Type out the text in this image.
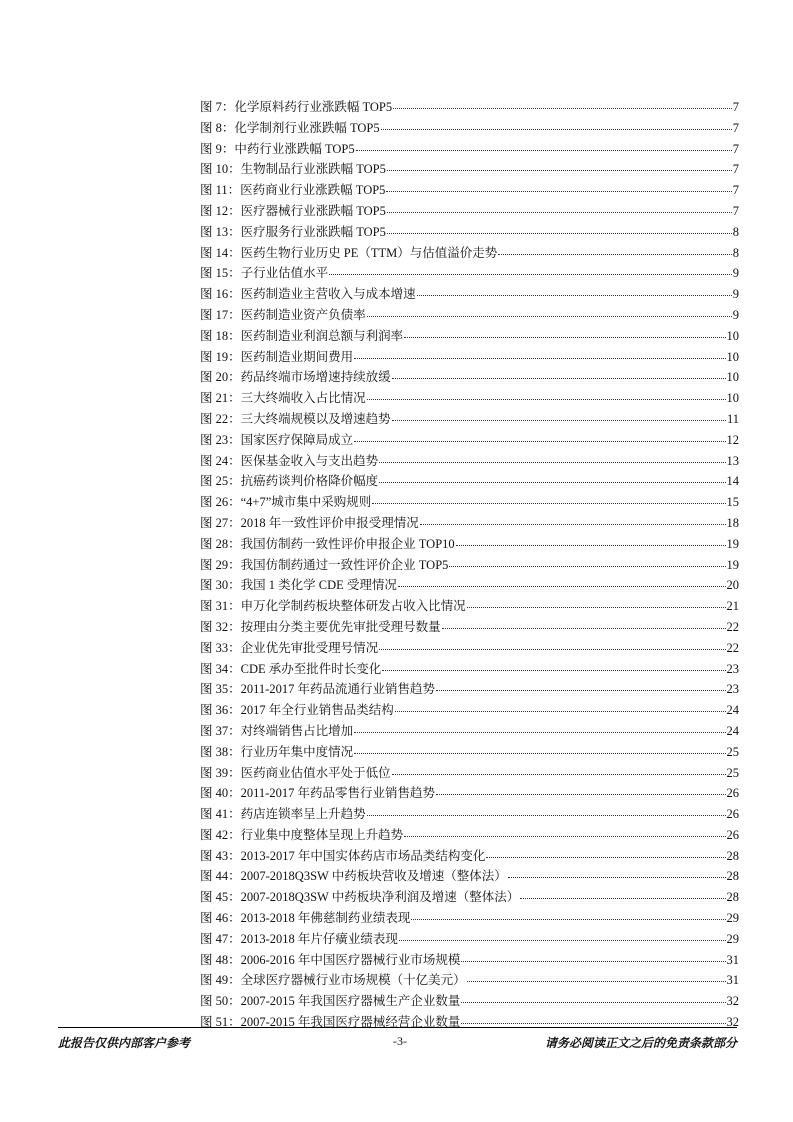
图 7：化学原料药行业涨跌幅 TOP5	7
图 8：化学制剂行业涨跌幅 TOP5	7
图 9：中药行业涨跌幅 TOP5	7
图 10：生物制品行业涨跌幅 TOP5	7
图 11：医药商业行业涨跌幅 TOP5	7
图 12：医疗器械行业涨跌幅 TOP5	7
图 13：医疗服务行业涨跌幅 TOP5	8
图 14：医药生物行业历史 PE（TTM）与估值溢价走势	8
图 15：子行业估值水平	9
图 16：医药制造业主营收入与成本增速	9
图 17：医药制造业资产负债率	9
图 18：医药制造业利润总额与利润率	10
图 19：医药制造业期间费用	10
图 20：药品终端市场增速持续放缓	10
图 21：三大终端收入占比情况	10
图 22：三大终端规模以及增速趋势	11
图 23：国家医疗保障局成立	12
图 24：医保基金收入与支出趋势	13
图 25：抗癌药谈判价格降价幅度	14
图 26：“4+7”城市集中采购规则	15
图 27：2018 年一致性评价申报受理情况	18
图 28：我国仿制药一致性评价申报企业 TOP10	19
图 29：我国仿制药通过一致性评价企业 TOP5	19
图 30：我国 1 类化学 CDE 受理情况	20
图 31：申万化学制药板块整体研发占收入比情况	21
图 32：按理由分类主要优先审批受理号数量	22
图 33：企业优先审批受理号情况	22
图 34：CDE 承办至批件时长变化	23
图 35：2011-2017 年药品流通行业销售趋势	23
图 36：2017 年全行业销售品类结构	24
图 37：对终端销售占比增加	24
图 38：行业历年集中度情况	25
图 39：医药商业估值水平处于低位	25
图 40：2011-2017 年药品零售行业销售趋势	26
图 41：药店连锁率呈上升趋势	26
图 42：行业集中度整体呈现上升趋势	26
图 43：2013-2017 年中国实体药店市场品类结构变化	28
图 44：2007-2018Q3SW 中药板块营收及增速（整体法）	28
图 45：2007-2018Q3SW 中药板块净利润及增速（整体法）	28
图 46：2013-2018 年佛慈制药业绩表现	29
图 47：2013-2018 年片仔癀业绩表现	29
图 48：2006-2016 年中国医疗器械行业市场规模	31
图 49：全球医疗器械行业市场规模（十亿美元）	31
图 50：2007-2015 年我国医疗器械生产企业数量	32
图 51：2007-2015 年我国医疗器械经营企业数量	32
此报告仅供内部客户参考	-3-	请务必阅读正文之后的免责条款部分
